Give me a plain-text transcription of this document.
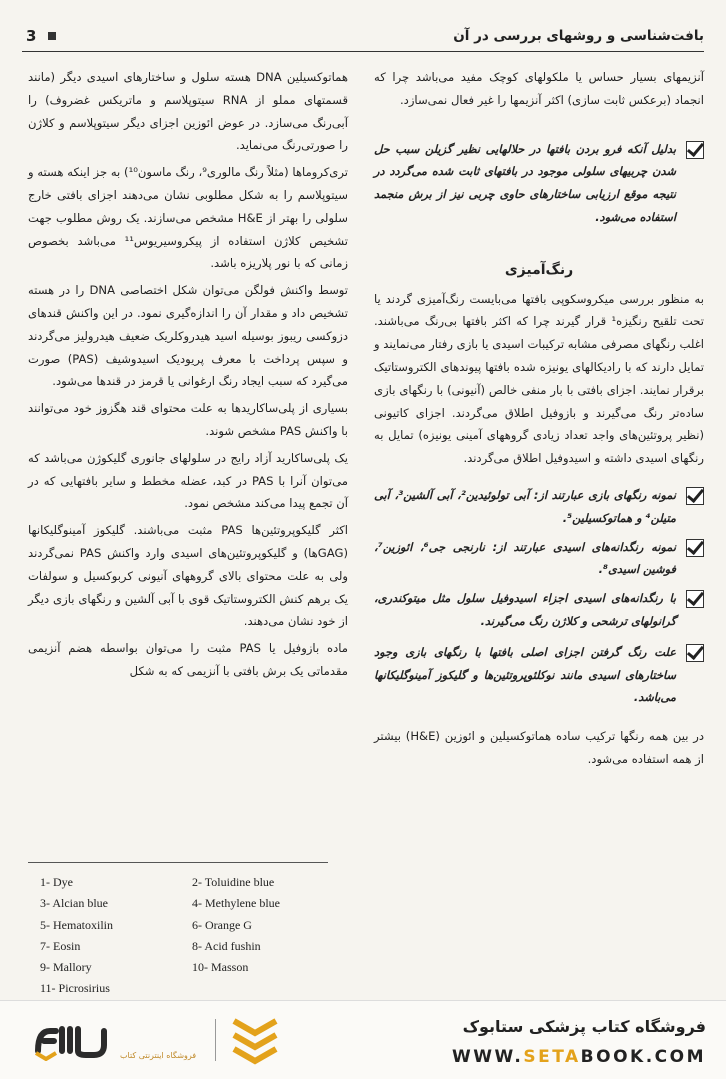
بافت‌شناسی و روشهای بررسی در آن
3

آنزیمهای بسیار حساس یا ملکولهای کوچک مفید می‌باشد چرا که انجماد (برعکس ثابت سازی) اکثر آنزیمها را غیر فعال نمی‌سازد.

بدلیل آنکه فرو بردن بافتها در حلالهایی نظیر گزیلن سبب حل شدن چربیهای سلولی موجود در بافتهای ثابت شده می‌گردد در نتیجه موقع ارزیابی ساختارهای حاوی چربی نیز از برش منجمد استفاده می‌شود.
رنگ‌آمیزی

به منظور بررسی میکروسکوپی بافتها می‌بایست رنگ‌آمیزی گردند یا تحت تلقیح رنگیزه¹ قرار گیرند چرا که اکثر بافتها بی‌رنگ می‌باشند. اغلب رنگهای مصرفی مشابه ترکیبات اسیدی یا بازی رفتار می‌نمایند و تمایل دارند که با رادیکالهای یونیزه شده بافتها پیوندهای الکتروستاتیک برقرار نمایند. اجزای بافتی با بار منفی خالص (آنیونی) با رنگهای بازی ساده‌تر رنگ می‌گیرند و بازوفیل اطلاق می‌گردند. اجزای کاتیونی (نظیر پروتئین‌های واجد تعداد زیادی گروههای آمینی یونیزه) تمایل به رنگهای اسیدی داشته و اسیدوفیل اطلاق می‌گردند.

نمونه رنگهای بازی عبارتند از: آبی تولوئیدین²، آبی آلشین³، آبی متیلن⁴ و هماتوکسیلین⁵.
نمونه رنگدانه‌های اسیدی عبارتند از: نارنجی جی⁶، ائوزین⁷، فوشین اسیدی⁸.
با رنگدانه‌های اسیدی اجزاء اسیدوفیل سلول مثل میتوکندری، گرانولهای ترشحی و کلاژن رنگ می‌گیرند.
علت رنگ گرفتن اجزای اصلی بافتها با رنگهای بازی وجود ساختارهای اسیدی مانند نوکلئوپروتئین‌ها و گلیکوز آمینوگلیکانها می‌باشد.

در بین همه رنگها ترکیب ساده هماتوکسیلین و ائوزین (H&E) بیشتر از همه استفاده می‌شود.

هماتوکسیلین DNA هسته سلول و ساختارهای اسیدی دیگر (مانند قسمتهای مملو از RNA سیتوپلاسم و ماتریکس غضروف) را آبی‌رنگ می‌سازد. در عوض ائوزین اجزای دیگر سیتوپلاسم و کلاژن را صورتی‌رنگ می‌نماید.

تری‌کروماها (مثلاً رنگ مالوری⁹، رنگ ماسون¹⁰) به جز اینکه هسته و سیتوپلاسم را به شکل مطلوبی نشان می‌دهند اجزای بافتی خارج سلولی را بهتر از H&E مشخص می‌سازند. یک روش مطلوب جهت تشخیص کلاژن استفاده از پیکروسیریوس¹¹ می‌باشد بخصوص زمانی که با نور پلاریزه باشد.

توسط واکنش فولگن می‌توان شکل اختصاصی DNA را در هسته تشخیص داد و مقدار آن را اندازه‌گیری نمود. در این واکنش قندهای دزوکسی ریبوز بوسیله اسید هیدروکلریک ضعیف هیدرولیز می‌گردند و سپس پرداخت با معرف پریودیک اسیدوشیف (PAS) صورت می‌گیرد که سبب ایجاد رنگ ارغوانی یا قرمز در قندها می‌شود.

بسیاری از پلی‌ساکاریدها به علت محتوای قند هگزوز خود می‌توانند با واکنش PAS مشخص شوند.

یک پلی‌ساکارید آزاد رایج در سلولهای جانوری گلیکوژن می‌باشد که می‌توان آنرا با PAS در کبد، عضله مخطط و سایر بافتهایی که در آن تجمع پیدا می‌کند مشخص نمود.

اکثر گلیکوپروتئین‌ها PAS مثبت می‌باشند. گلیکوز آمینوگلیکانها (GAGها) و گلیکوپروتئین‌های اسیدی وارد واکنش PAS نمی‌گردند ولی به علت محتوای بالای گروههای آنیونی کربوکسیل و سولفات یک برهم کنش الکتروستاتیک قوی با آبی آلشین و رنگهای بازی دیگر از خود نشان می‌دهند.

ماده بازوفیل یا PAS مثبت را می‌توان بواسطه هضم آنزیمی مقدماتی یک برش بافتی با آنزیمی که به شکل

1- Dye
3- Alcian blue
5- Hematoxilin
7- Eosin
9- Mallory
11- Picrosirius
2- Toluidine blue
4- Methylene blue
6- Orange G
8- Acid fushin
10- Masson
فروشگاه اینترنتی کتاب
فروشگاه کتاب پزشکی ستابوک
WWW.SETABOOK.COM
